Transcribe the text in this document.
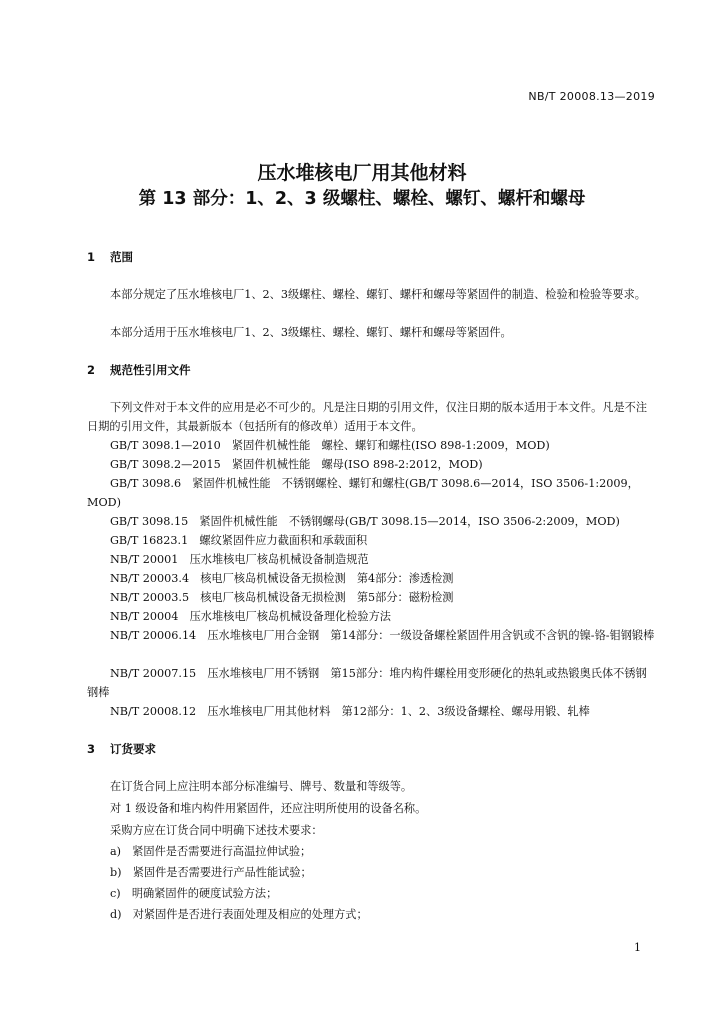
NB/T 20008.13—2019
压水堆核电厂用其他材料
第 13 部分：1、2、3 级螺柱、螺栓、螺钉、螺杆和螺母
1 范围
本部分规定了压水堆核电厂1、2、3级螺柱、螺栓、螺钉、螺杆和螺母等紧固件的制造、检验和检验等要求。
本部分适用于压水堆核电厂1、2、3级螺柱、螺栓、螺钉、螺杆和螺母等紧固件。
2 规范性引用文件
下列文件对于本文件的应用是必不可少的。凡是注日期的引用文件，仅注日期的版本适用于本文件。凡是不注日期的引用文件，其最新版本（包括所有的修改单）适用于本文件。
GB/T 3098.1—2010　紧固件机械性能　螺栓、螺钉和螺柱(ISO 898-1:2009，MOD)
GB/T 3098.2—2015　紧固件机械性能　螺母(ISO 898-2:2012，MOD)
GB/T 3098.6　紧固件机械性能　不锈钢螺栓、螺钉和螺柱(GB/T 3098.6—2014，ISO 3506-1:2009，MOD)
GB/T 3098.15　紧固件机械性能　不锈钢螺母(GB/T 3098.15—2014，ISO 3506-2:2009，MOD)
GB/T 16823.1　螺纹紧固件应力截面积和承载面积
NB/T 20001　压水堆核电厂核岛机械设备制造规范
NB/T 20003.4　核电厂核岛机械设备无损检测　第4部分：渗透检测
NB/T 20003.5　核电厂核岛机械设备无损检测　第5部分：磁粉检测
NB/T 20004　压水堆核电厂核岛机械设备理化检验方法
NB/T 20006.14　压水堆核电厂用合金钢　第14部分：一级设备螺栓紧固件用含钒或不含钒的镍-铬-钼钢锻棒
NB/T 20007.15　压水堆核电厂用不锈钢　第15部分：堆内构件螺栓用变形硬化的热轧或热锻奥氏体不锈钢钢棒
NB/T 20008.12　压水堆核电厂用其他材料　第12部分：1、2、3级设备螺栓、螺母用锻、轧棒
3 订货要求
在订货合同上应注明本部分标准编号、牌号、数量和等级等。
对 1 级设备和堆内构件用紧固件，还应注明所使用的设备名称。
采购方应在订货合同中明确下述技术要求：
a)　紧固件是否需要进行高温拉伸试验；
b)　紧固件是否需要进行产品性能试验；
c)　明确紧固件的硬度试验方法；
d)　对紧固件是否进行表面处理及相应的处理方式；
1
